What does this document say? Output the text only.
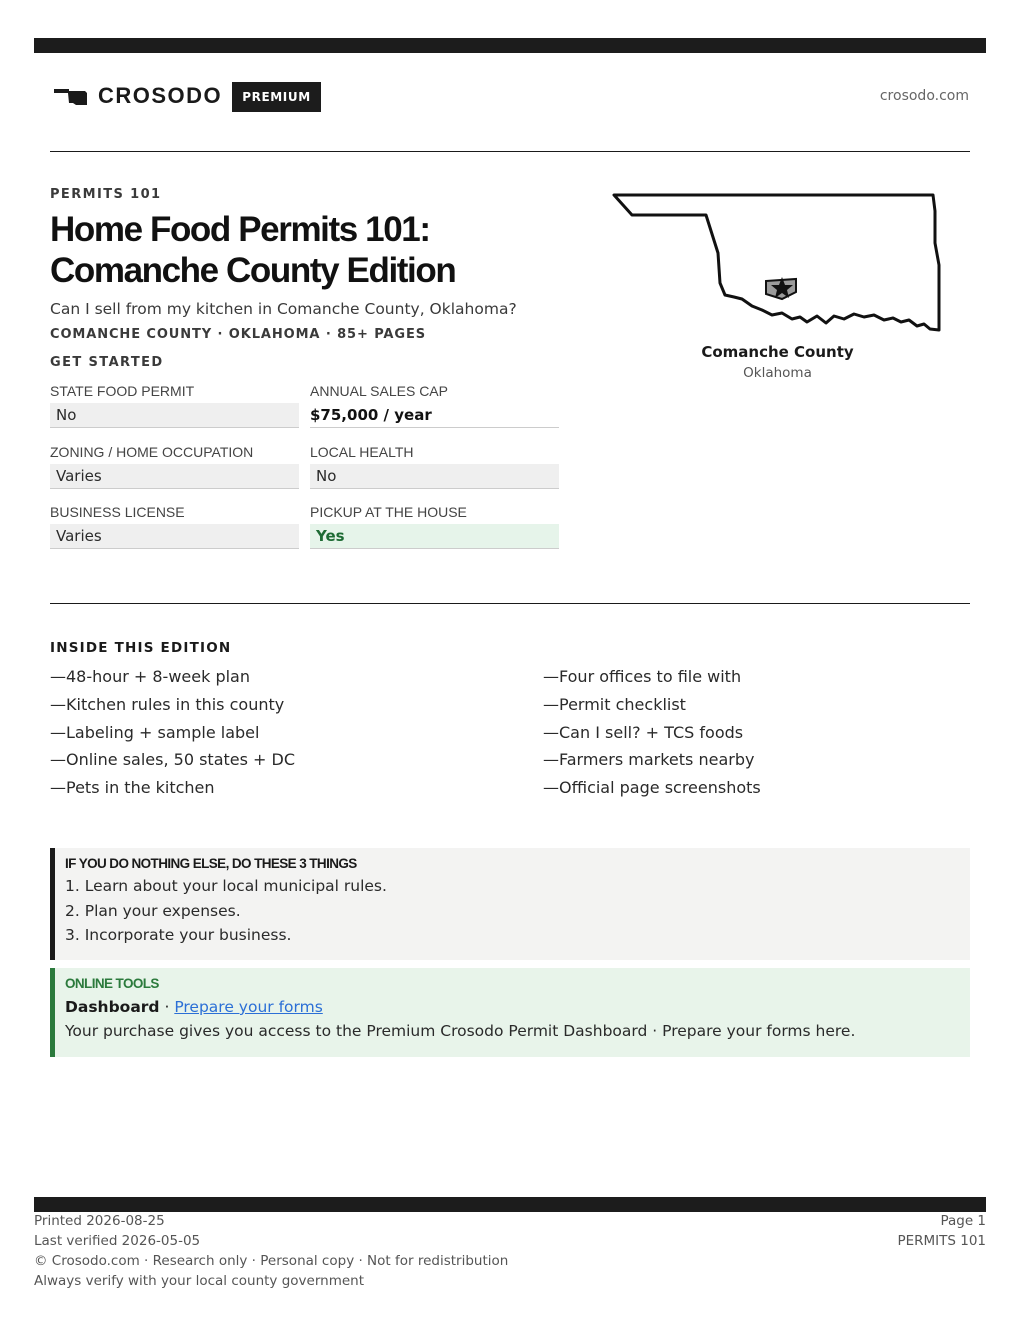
CROSODO	PREMIUM	crosodo.com
PERMITS 101
Home Food Permits 101:
Comanche County Edition
Can I sell from my kitchen in Comanche County, Oklahoma?
COMANCHE COUNTY · OKLAHOMA · 85+ PAGES
GET STARTED
STATE FOOD PERMIT
No
ANNUAL SALES CAP
$75,000 / year
ZONING / HOME OCCUPATION
Varies
LOCAL HEALTH
No
BUSINESS LICENSE
Varies
PICKUP AT THE HOUSE
Yes
Comanche County
Oklahoma
INSIDE THIS EDITION
—48-hour + 8-week plan
—Kitchen rules in this county
—Labeling + sample label
—Online sales, 50 states + DC
—Pets in the kitchen
—Four offices to file with
—Permit checklist
—Can I sell? + TCS foods
—Farmers markets nearby
—Official page screenshots
IF YOU DO NOTHING ELSE, DO THESE 3 THINGS
1. Learn about your local municipal rules.
2. Plan your expenses.
3. Incorporate your business.
ONLINE TOOLS
Dashboard · Prepare your forms
Your purchase gives you access to the Premium Crosodo Permit Dashboard · Prepare your forms here.
Printed 2026-08-25
Last verified 2026-05-05
© Crosodo.com · Research only · Personal copy · Not for redistribution
Always verify with your local county government
Page 1
PERMITS 101
